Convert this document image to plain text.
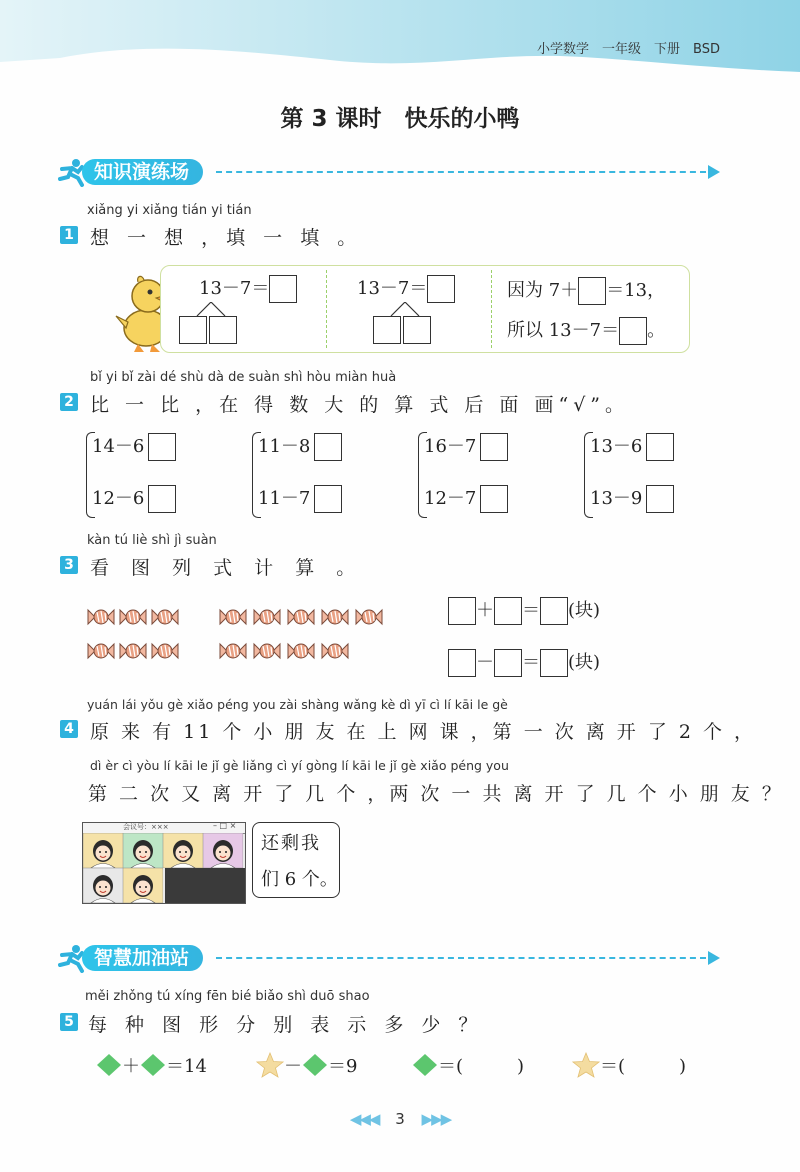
小学数学　一年级　下册　BSD
第 3 课时　快乐的小鸭
知识演练场
xiǎng yi xiǎng tián yi tián
1 想 一 想 ，填 一 填 。
13－7＝	13－7＝	因为 7＋ ＝13，
所以 13－7＝ 。
bǐ yi bǐ zài dé shù dà de suàn shì hòu miàn huà
2 比 一 比 ，在 得 数 大 的 算 式 后 面 画“√”。
14－6
12－6
11－8
11－7
16－7
12－7
13－6
13－9
kàn tú liè shì jì suàn
3 看 图 列 式 计 算 。
＋ ＝ (块)
－ ＝ (块)
yuán lái yǒu gè xiǎo péng you zài shàng wǎng kè dì yī cì lí kāi le gè
4 原 来 有 11 个 小 朋 友 在 上 网 课 ，第 一 次 离 开 了 2 个 ，
dì èr cì yòu lí kāi le jǐ gè liǎng cì yí gòng lí kāi le jǐ gè xiǎo péng you
第 二 次 又 离 开 了 几 个 ，两 次 一 共 离 开 了 几 个 小 朋 友 ？
会议号：×××	– □ ×
还剩我
们 6 个。
智慧加油站
měi zhǒng tú xíng fēn bié biǎo shì duō shao
5 每 种 图 形 分 别 表 示 多 少 ？
＋ ＝14	－ ＝9	＝(　　　)	＝(　　　)
◀◀◀ 3 ▶▶▶
